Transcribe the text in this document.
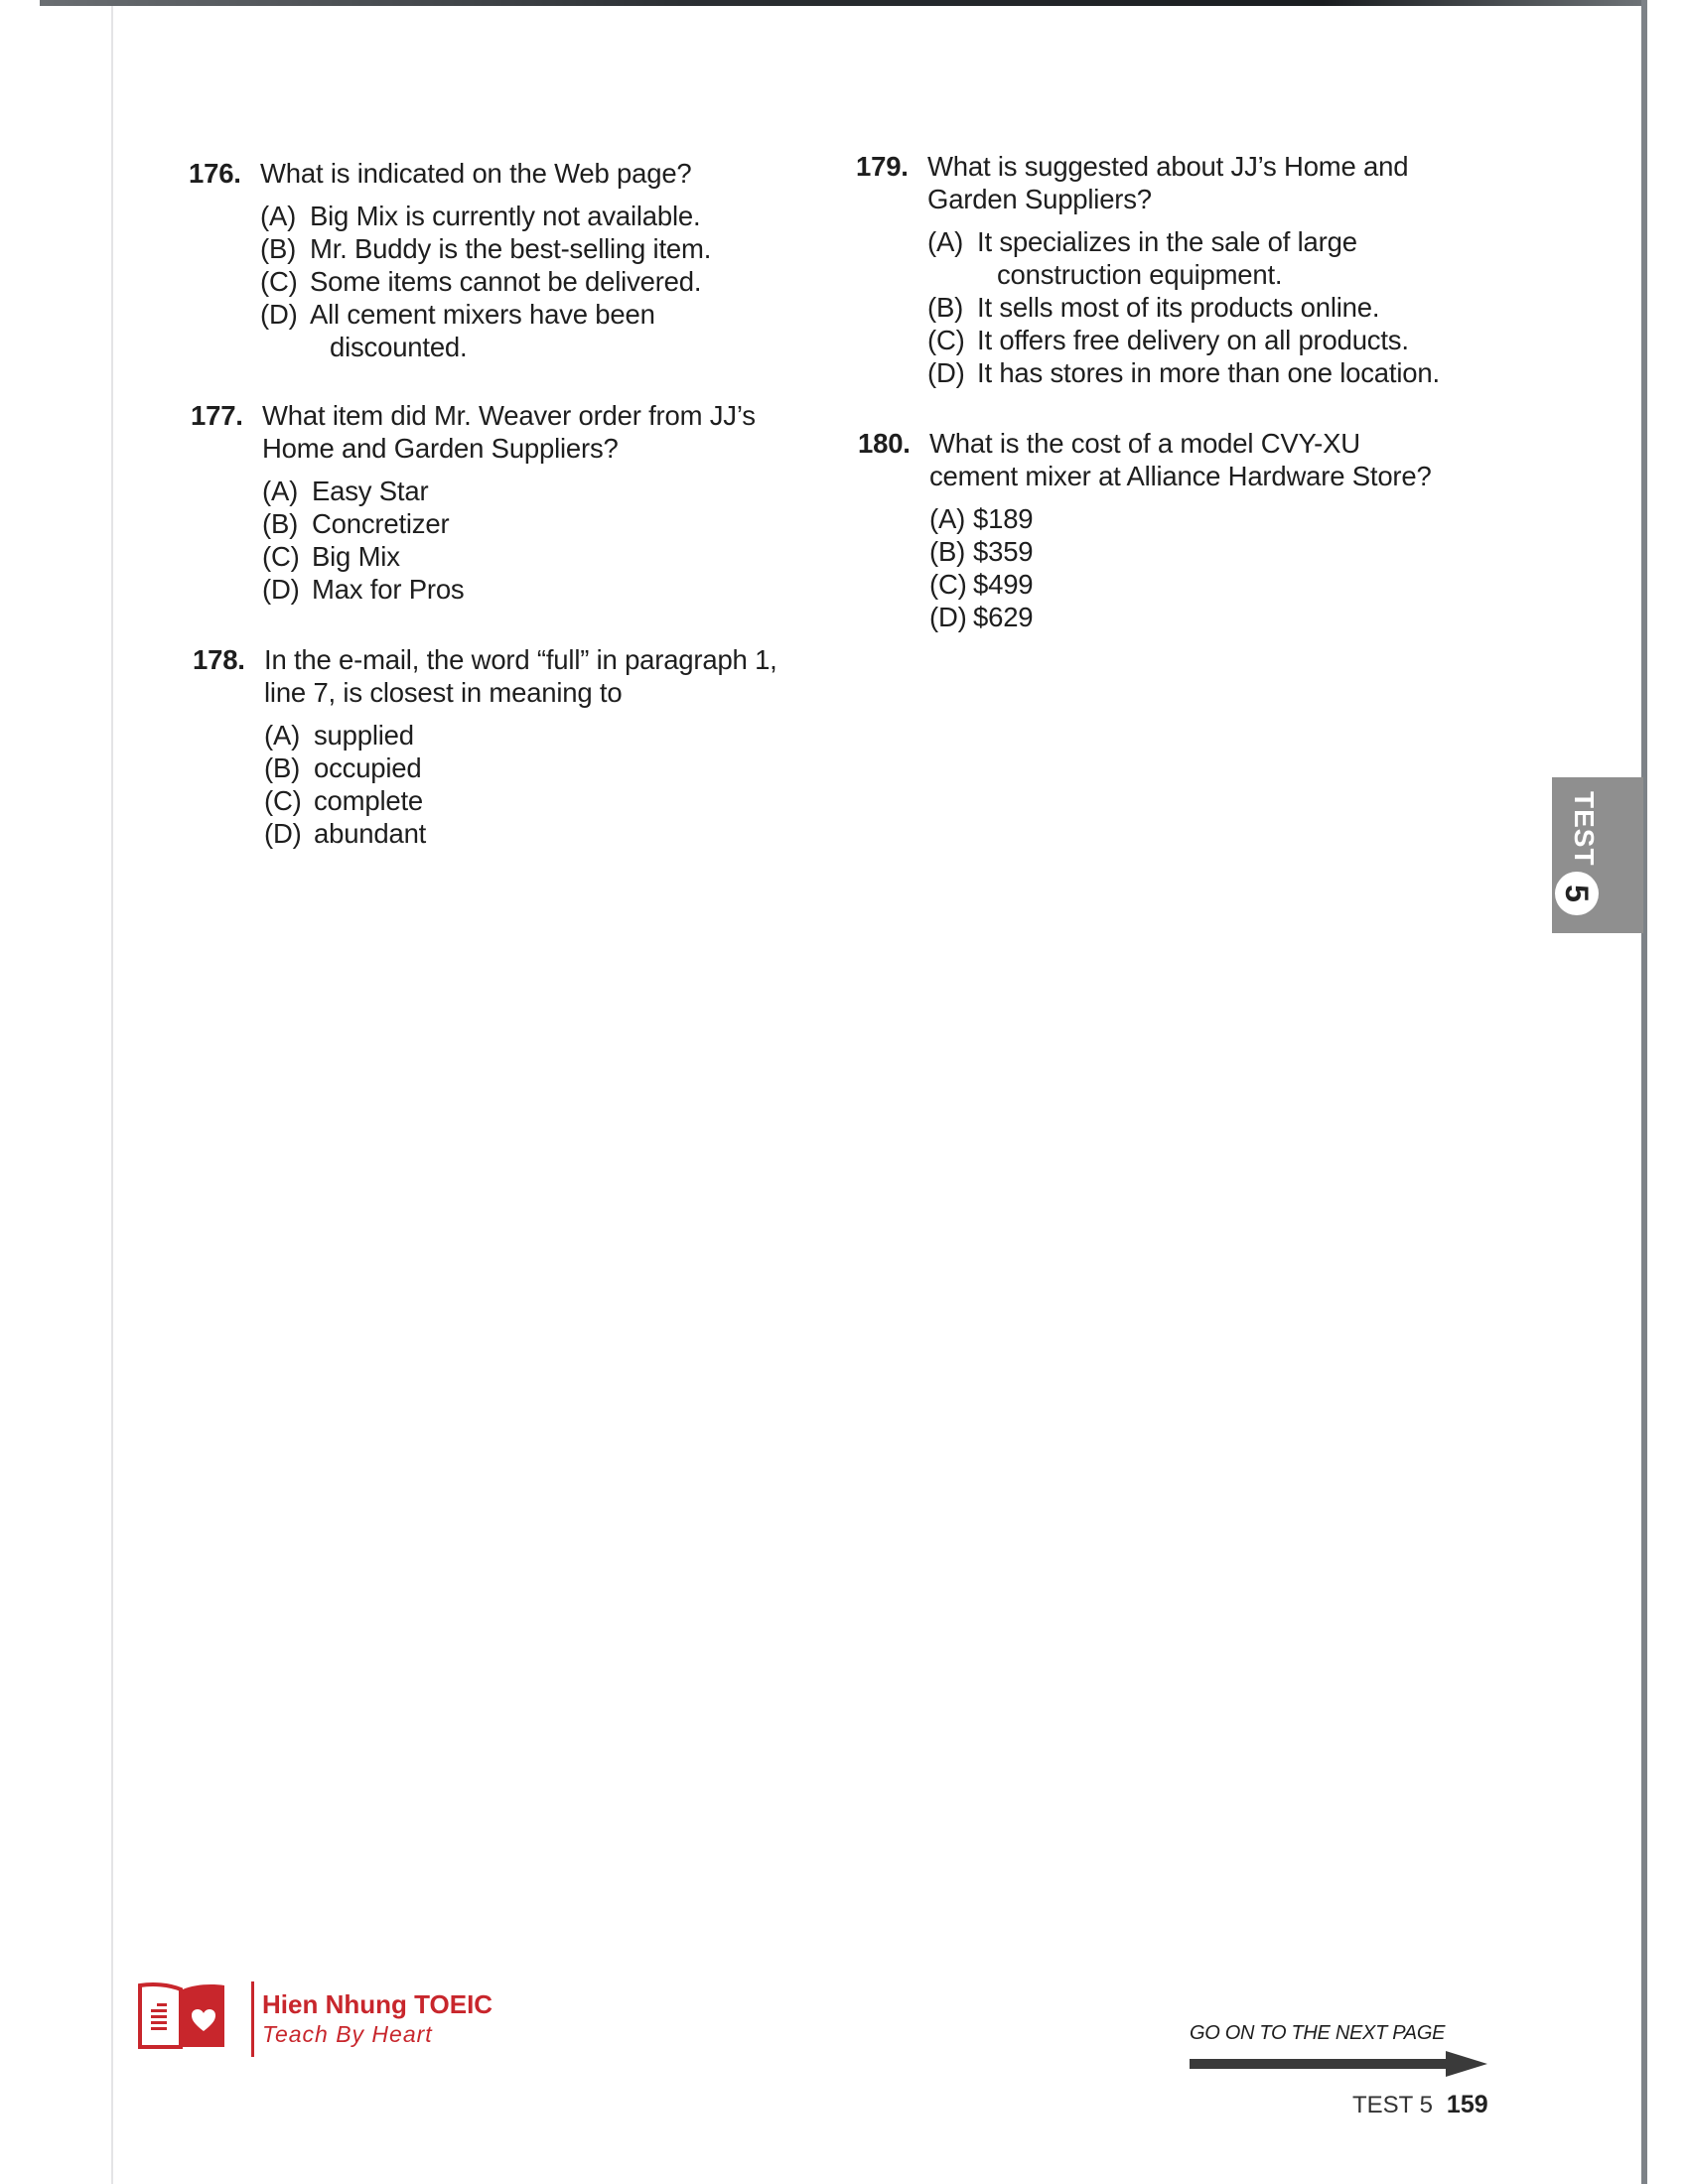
176. What is indicated on the Web page?
(A) Big Mix is currently not available.
(B) Mr. Buddy is the best-selling item.
(C) Some items cannot be delivered.
(D) All cement mixers have been
discounted.
177. What item did Mr. Weaver order from JJ’s
Home and Garden Suppliers?
(A) Easy Star
(B) Concretizer
(C) Big Mix
(D) Max for Pros
178. In the e-mail, the word “full” in paragraph 1,
line 7, is closest in meaning to
(A) supplied
(B) occupied
(C) complete
(D) abundant
179. What is suggested about JJ’s Home and
Garden Suppliers?
(A) It specializes in the sale of large
construction equipment.
(B) It sells most of its products online.
(C) It offers free delivery on all products.
(D) It has stores in more than one location.
180. What is the cost of a model CVY-XU
cement mixer at Alliance Hardware Store?
(A) $189
(B) $359
(C) $499
(D) $629
TEST
5
Hien Nhung TOEIC
Teach By Heart	GO ON TO THE NEXT PAGE
TEST 5 159
